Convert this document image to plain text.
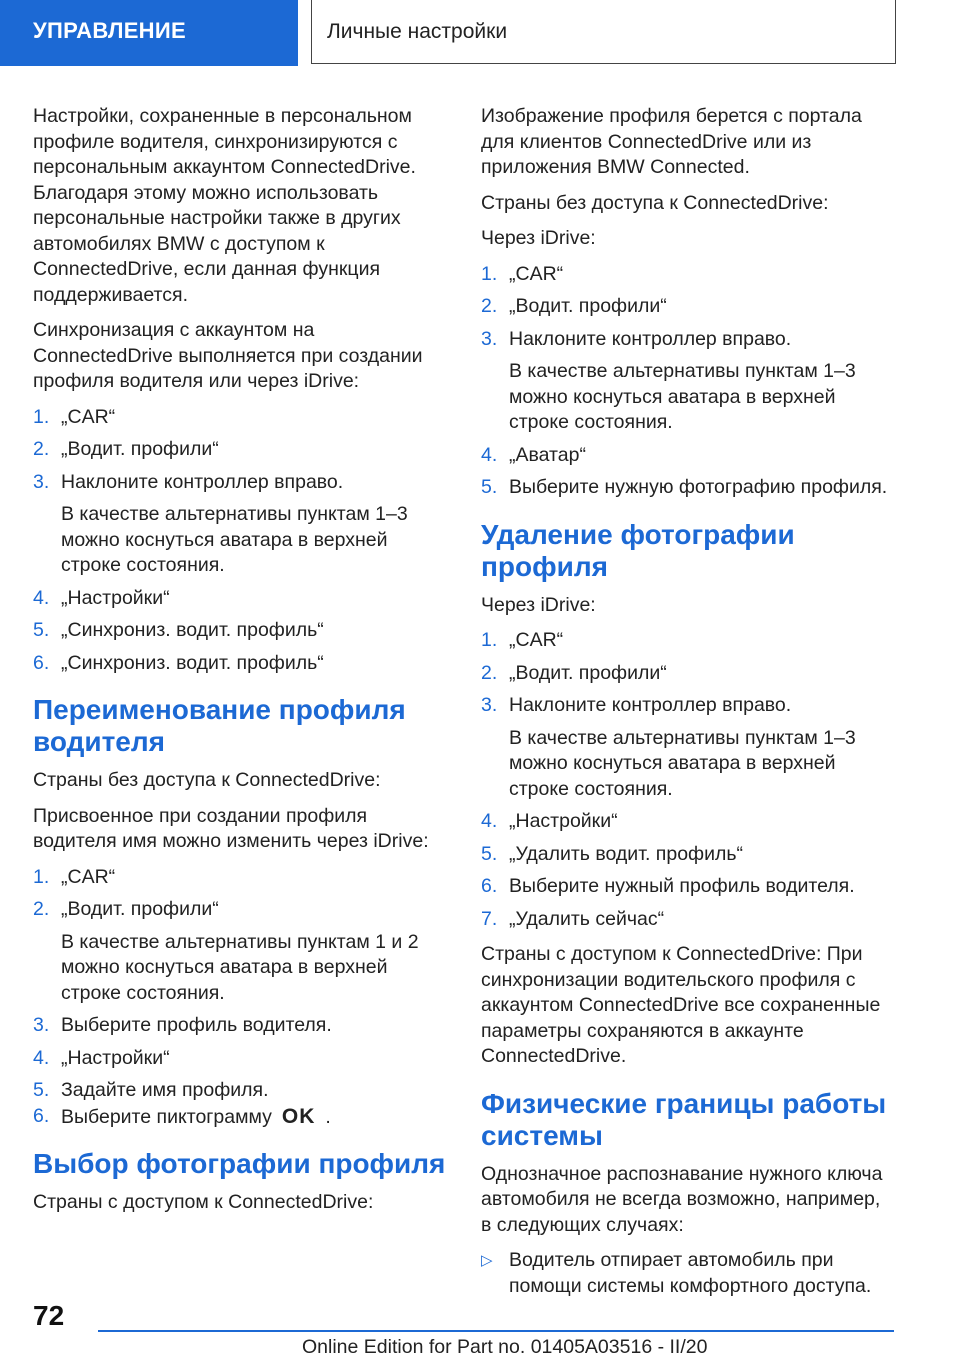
УПРАВЛЕНИЕ	Личные настройки

Настройки, сохраненные в персональном профиле водителя, синхронизируются с персональным аккаунтом ConnectedDrive. Благодаря этому можно использовать персональные настройки также в других автомобилях BMW с доступом к ConnectedDrive, если данная функция поддерживается.

Синхронизация с аккаунтом на ConnectedDrive выполняется при создании профиля водителя или через iDrive:

1. „CAR“
2. „Водит. профили“
3. Наклоните контроллер вправо.
В качестве альтернативы пунктам 1–3 можно коснуться аватара в верхней строке состояния.
4. „Настройки“
5. „Синхрониз. водит. профиль“
6. „Синхрониз. водит. профиль“
Переименование профиля водителя

Страны без доступа к ConnectedDrive:

Присвоенное при создании профиля водителя имя можно изменить через iDrive:

1. „CAR“
2. „Водит. профили“
В качестве альтернативы пунктам 1 и 2 можно коснуться аватара в верхней строке состояния.
3. Выберите профиль водителя.
4. „Настройки“
5. Задайте имя профиля.
6. Выберите пиктограмму OK .
Выбор фотографии профиля

Страны с доступом к ConnectedDrive:

Изображение профиля берется с портала для клиентов ConnectedDrive или из приложения BMW Connected.

Страны без доступа к ConnectedDrive:

Через iDrive:

1. „CAR“
2. „Водит. профили“
3. Наклоните контроллер вправо.
В качестве альтернативы пунктам 1–3 можно коснуться аватара в верхней строке состояния.
4. „Аватар“
5. Выберите нужную фотографию профиля.
Удаление фотографии профиля

Через iDrive:

1. „CAR“
2. „Водит. профили“
3. Наклоните контроллер вправо.
В качестве альтернативы пунктам 1–3 можно коснуться аватара в верхней строке состояния.
4. „Настройки“
5. „Удалить водит. профиль“
6. Выберите нужный профиль водителя.
7. „Удалить сейчас“

Страны с доступом к ConnectedDrive: При синхронизации водительского профиля с аккаунтом ConnectedDrive все сохраненные параметры сохраняются в аккаунте ConnectedDrive.

Физические границы работы системы

Однозначное распознавание нужного ключа автомобиля не всегда возможно, например, в следующих случаях:

▷ Водитель отпирает автомобиль при помощи системы комфортного доступа.
72
Online Edition for Part no. 01405A03516 - II/20
